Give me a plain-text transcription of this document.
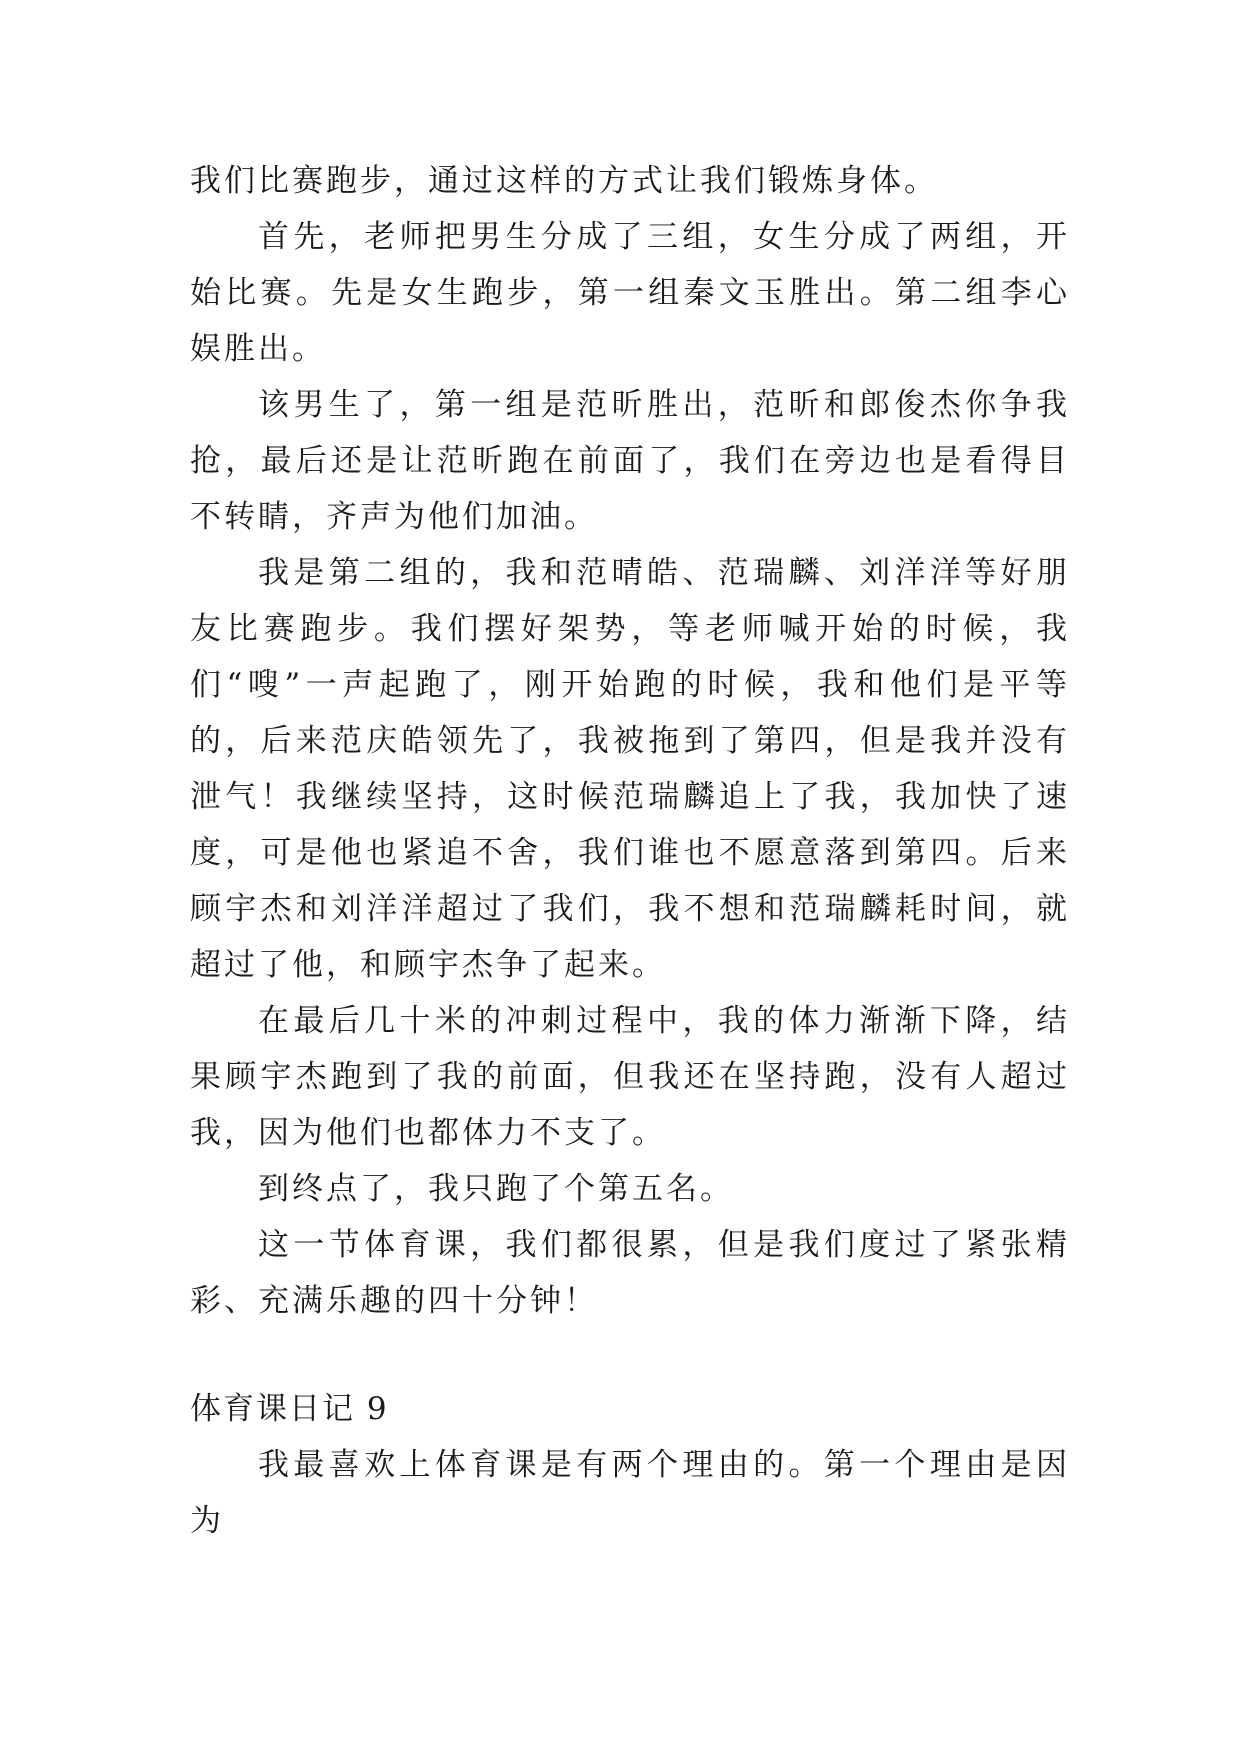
我们比赛跑步，通过这样的方式让我们锻炼身体。

首先，老师把男生分成了三组，女生分成了两组，开始比赛。先是女生跑步，第一组秦文玉胜出。第二组李心娱胜出。

该男生了，第一组是范昕胜出，范昕和郎俊杰你争我抢，最后还是让范昕跑在前面了，我们在旁边也是看得目不转睛，齐声为他们加油。

我是第二组的，我和范晴皓、范瑞麟、刘洋洋等好朋友比赛跑步。我们摆好架势，等老师喊开始的时候，我们“嗖”一声起跑了，刚开始跑的时候，我和他们是平等的，后来范庆皓领先了，我被拖到了第四，但是我并没有泄气！我继续坚持，这时候范瑞麟追上了我，我加快了速度，可是他也紧追不舍，我们谁也不愿意落到第四。后来顾宇杰和刘洋洋超过了我们，我不想和范瑞麟耗时间，就超过了他，和顾宇杰争了起来。

在最后几十米的冲刺过程中，我的体力渐渐下降，结果顾宇杰跑到了我的前面，但我还在坚持跑，没有人超过我，因为他们也都体力不支了。

到终点了，我只跑了个第五名。

这一节体育课，我们都很累，但是我们度过了紧张精彩、充满乐趣的四十分钟！

体育课日记 9

我最喜欢上体育课是有两个理由的。第一个理由是因为
